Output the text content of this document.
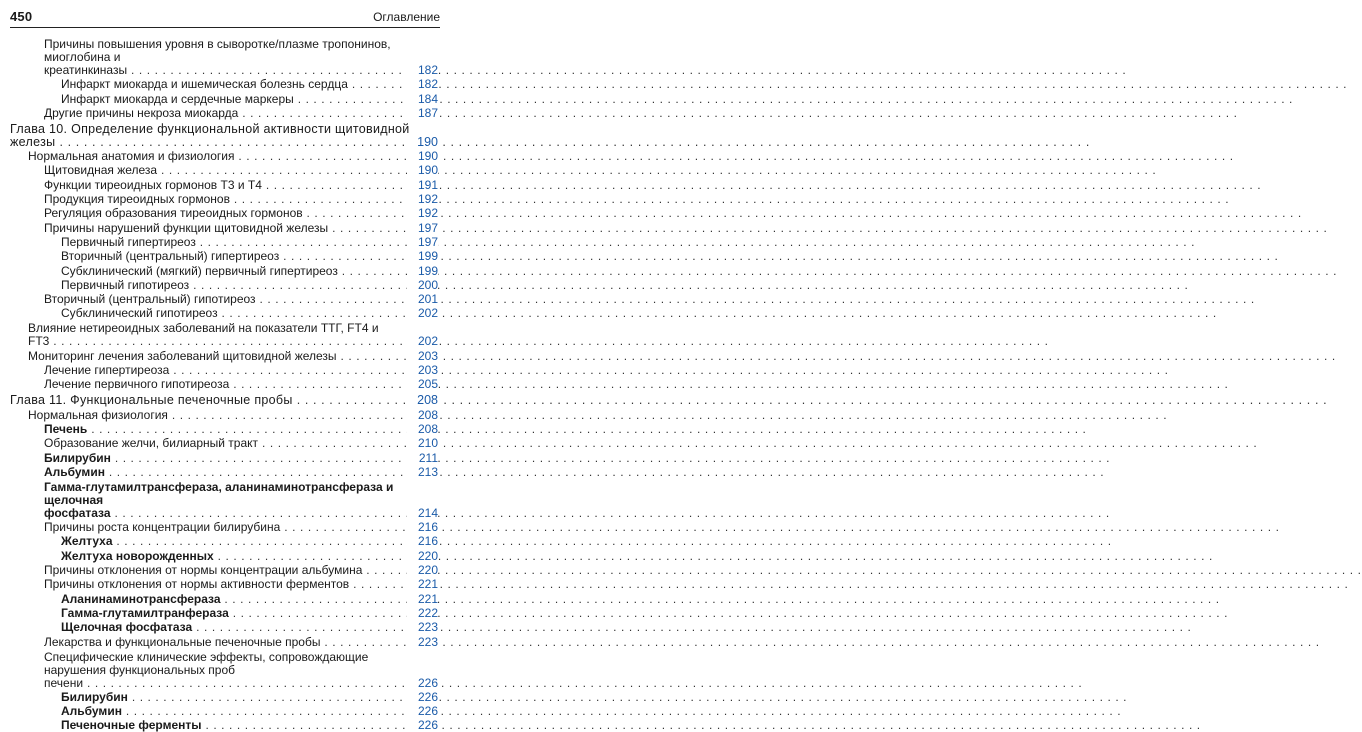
450	Оглавление
Причины повышения уровня в сыворотке/плазме тропонинов, миоглобина и креатинкиназы . . .	182
Инфаркт миокарда и ишемическая болезнь сердца . . .	182
Инфаркт миокарда и сердечные маркеры . . .	184
Другие причины некроза миокарда . . .	187
Глава 10. Определение функциональной активности щитовидной железы . . .	190
Нормальная анатомия и физиология . . .	190
Щитовидная железа . . .	190
Функции тиреоидных гормонов Т3 и Т4 . . .	191
Продукция тиреоидных гормонов . . .	192
Регуляция образования тиреоидных гормонов . . .	192
Причины нарушений функции щитовидной железы . . .	197
Первичный гипертиреоз . . .	197
Вторичный (центральный) гипертиреоз . . .	199
Субклинический (мягкий) первичный гипертиреоз . . .	199
Первичный гипотиреоз . . .	200
Вторичный (центральный) гипотиреоз . . .	201
Субклинический гипотиреоз . . .	202
Влияние нетиреоидных заболеваний на показатели ТТГ, FT4 и FT3 . . .	202
Мониторинг лечения заболеваний щитовидной железы . . .	203
Лечение гипертиреоза . . .	203
Лечение первичного гипотиреоза . . .	205
Глава 11. Функциональные печеночные пробы . . .	208
Нормальная физиология . . .	208
Печень . . .	208
Образование желчи, билиарный тракт . . .	210
Билирубин . . .	211
Альбумин . . .	213
Гамма-глутамилтрансфераза, аланинаминотрансфераза и щелочная фосфатаза . . .	214
Причины роста концентрации билирубина . . .	216
Желтуха . . .	216
Желтуха новорожденных . . .	220
Причины отклонения от нормы концентрации альбумина . . .	220
Причины отклонения от нормы активности ферментов . . .	221
Аланинаминотрансфераза . . .	221
Гамма-глутамилтранфераза . . .	222
Щелочная фосфатаза . . .	223
Лекарства и функциональные печеночные пробы . . .	223
Специфические клинические эффекты, сопровождающие нарушения функциональных проб печени . . .	226
Билирубин . . .	226
Альбумин . . .	226
Печеночные ферменты . . .	226
